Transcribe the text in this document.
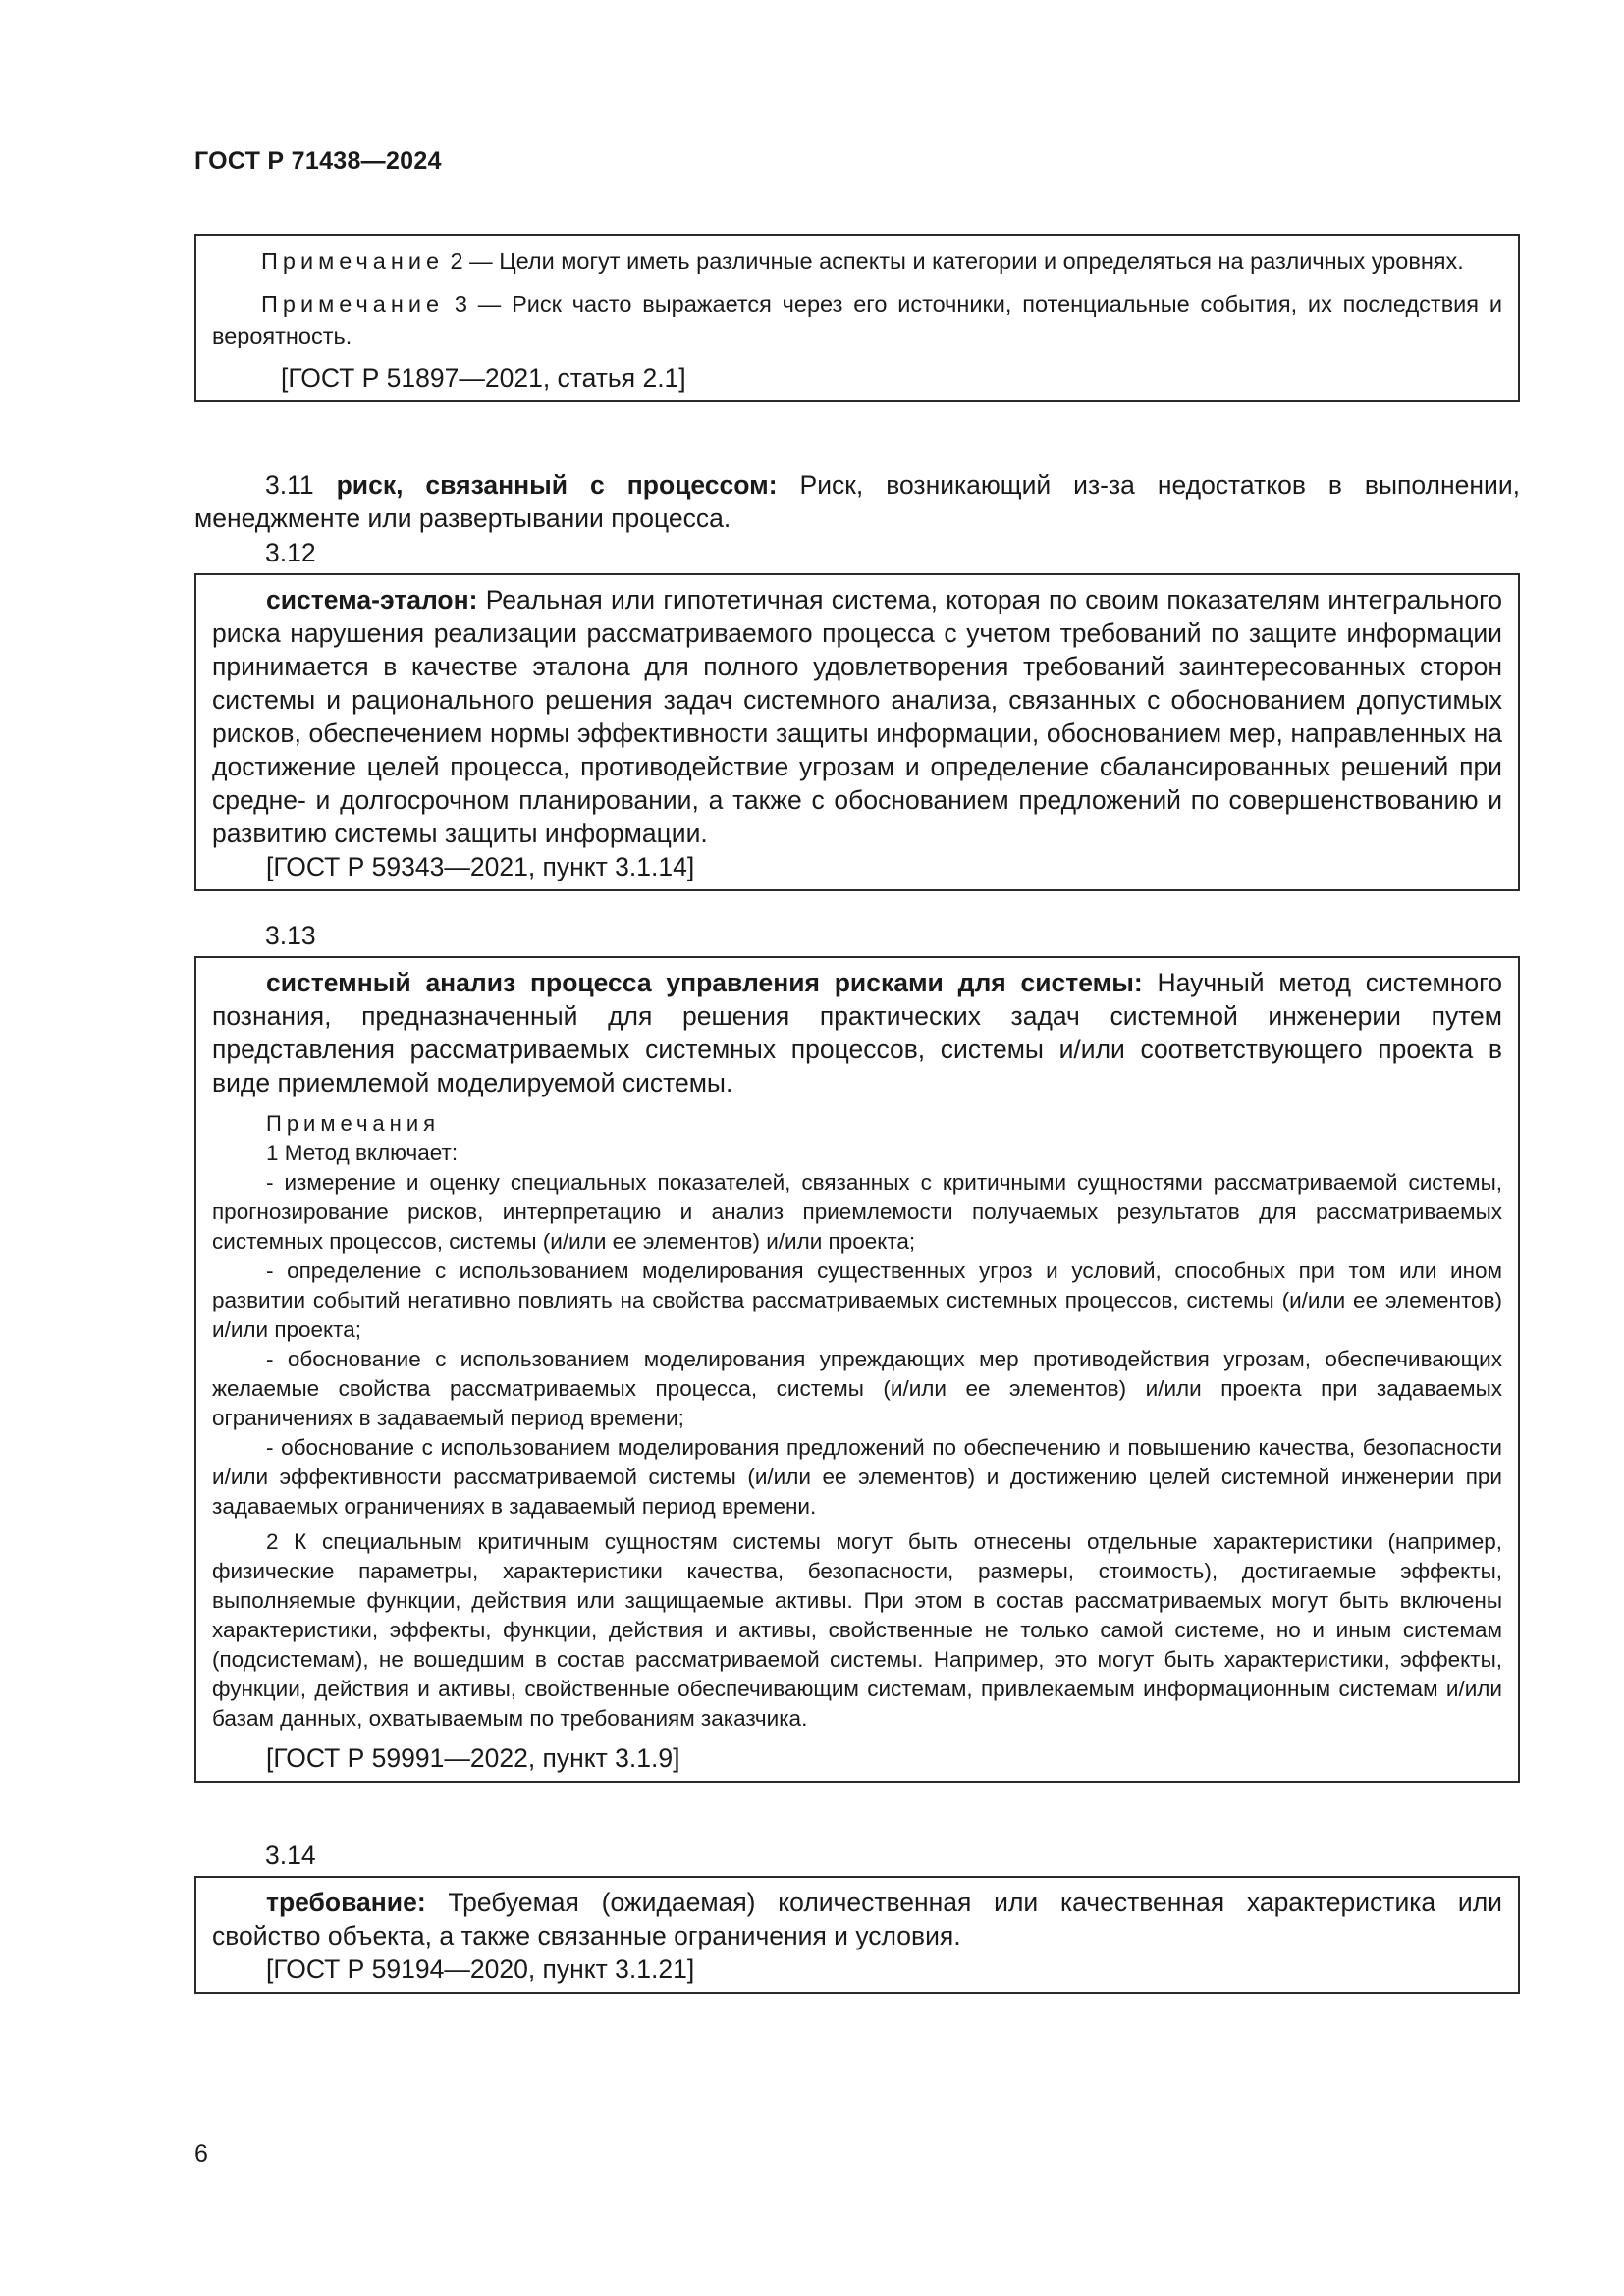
ГОСТ Р 71438—2024

Примечание 2 — Цели могут иметь различные аспекты и категории и определяться на различных уровнях.

Примечание 3 — Риск часто выражается через его источники, потенциальные события, их последствия и вероятность.

[ГОСТ Р 51897—2021, статья 2.1]

3.11 риск, связанный с процессом: Риск, возникающий из-за недостатков в выполнении, менеджменте или развертывании процесса.
3.12

система-эталон: Реальная или гипотетичная система, которая по своим показателям интегрального риска нарушения реализации рассматриваемого процесса с учетом требований по защите информации принимается в качестве эталона для полного удовлетворения требований заинтересованных сторон системы и рационального решения задач системного анализа, связанных с обоснованием допустимых рисков, обеспечением нормы эффективности защиты информации, обоснованием мер, направленных на достижение целей процесса, противодействие угрозам и определение сбалансированных решений при средне- и долгосрочном планировании, а также с обоснованием предложений по совершенствованию и развитию системы защиты информации.

[ГОСТ Р 59343—2021, пункт 3.1.14]

3.13

системный анализ процесса управления рисками для системы: Научный метод системного познания, предназначенный для решения практических задач системной инженерии путем представления рассматриваемых системных процессов, системы и/или соответствующего проекта в виде приемлемой моделируемой системы.

Примечания

1 Метод включает:

- измерение и оценку специальных показателей, связанных с критичными сущностями рассматриваемой системы, прогнозирование рисков, интерпретацию и анализ приемлемости получаемых результатов для рассматриваемых системных процессов, системы (и/или ее элементов) и/или проекта;

- определение с использованием моделирования существенных угроз и условий, способных при том или ином развитии событий негативно повлиять на свойства рассматриваемых системных процессов, системы (и/или ее элементов) и/или проекта;

- обоснование с использованием моделирования упреждающих мер противодействия угрозам, обеспечивающих желаемые свойства рассматриваемых процесса, системы (и/или ее элементов) и/или проекта при задаваемых ограничениях в задаваемый период времени;

- обоснование с использованием моделирования предложений по обеспечению и повышению качества, безопасности и/или эффективности рассматриваемой системы (и/или ее элементов) и достижению целей системной инженерии при задаваемых ограничениях в задаваемый период времени.

2 К специальным критичным сущностям системы могут быть отнесены отдельные характеристики (например, физические параметры, характеристики качества, безопасности, размеры, стоимость), достигаемые эффекты, выполняемые функции, действия или защищаемые активы. При этом в состав рассматриваемых могут быть включены характеристики, эффекты, функции, действия и активы, свойственные не только самой системе, но и иным системам (подсистемам), не вошедшим в состав рассматриваемой системы. Например, это могут быть характеристики, эффекты, функции, действия и активы, свойственные обеспечивающим системам, привлекаемым информационным системам и/или базам данных, охватываемым по требованиям заказчика.

[ГОСТ Р 59991—2022, пункт 3.1.9]

3.14

требование: Требуемая (ожидаемая) количественная или качественная характеристика или свойство объекта, а также связанные ограничения и условия.

[ГОСТ Р 59194—2020, пункт 3.1.21]

6
